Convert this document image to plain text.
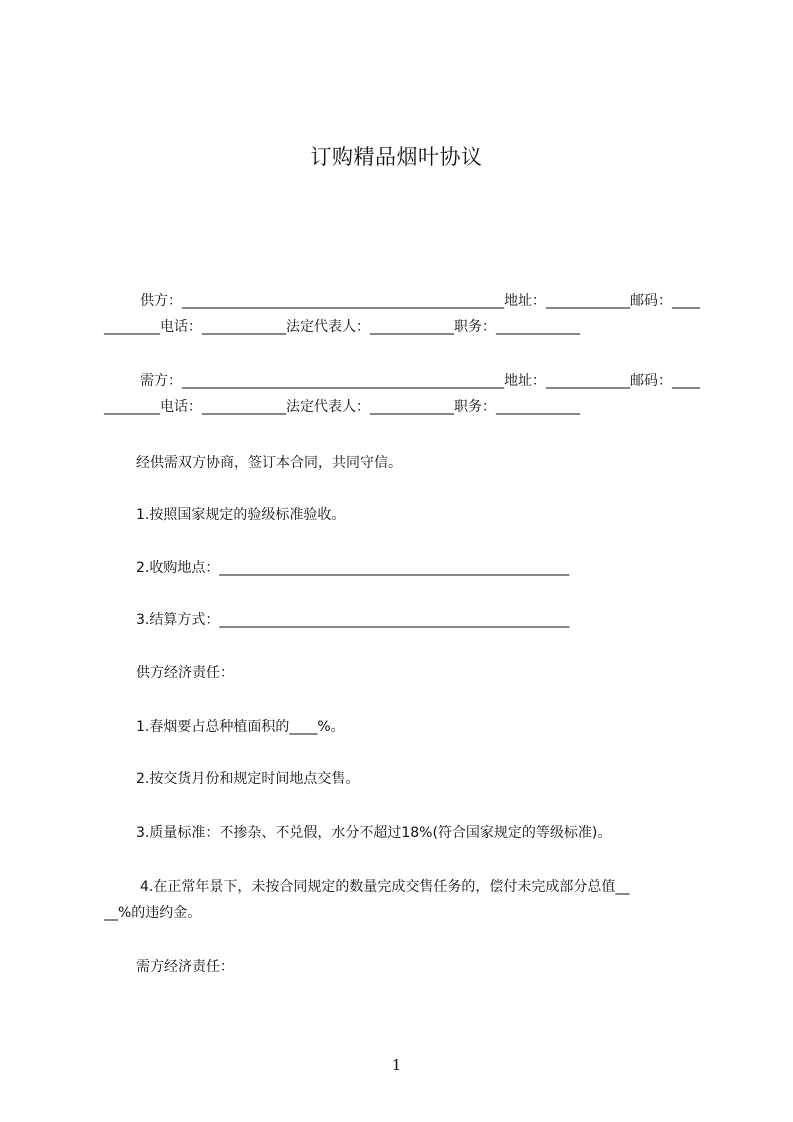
订购精品烟叶协议
供方：______________________________________________地址：____________邮码：____
________电话：____________法定代表人：____________职务：____________
需方：______________________________________________地址：____________邮码：____
________电话：____________法定代表人：____________职务：____________
经供需双方协商，签订本合同，共同守信。
1.按照国家规定的验级标准验收。
2.收购地点：__________________________________________________
3.结算方式：__________________________________________________
供方经济责任：
1.春烟要占总种植面积的____%。
2.按交货月份和规定时间地点交售。
3.质量标准：不掺杂、不兑假，水分不超过18%(符合国家规定的等级标准)。
4.在正常年景下，未按合同规定的数量完成交售任务的，偿付未完成部分总值__
__%的违约金。
需方经济责任：
1
